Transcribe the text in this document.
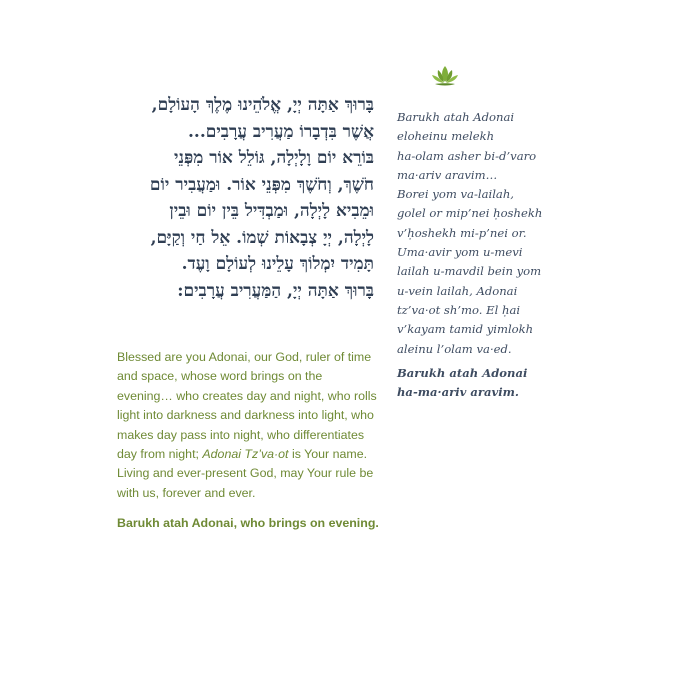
בָּרוּךְ אַתָּה יְיָ, אֱלֹהֵינוּ מֶלֶךְ הָעוֹלָם,
אֲשֶׁר בִּדְבָרוֹ מַעֲרִיב עֲרָבִים...
בּוֹרֵא יוֹם וָלָיְלָה, גּוֹלֵל אוֹר מִפְּנֵי
חֹשֶׁךְ, וְחֹשֶׁךְ מִפְּנֵי אוֹר. וּמַעֲבִיר יוֹם
וּמֵבִיא לָיְלָה, וּמַבְדִּיל בֵּין יוֹם וּבֵין
לָיְלָה, יְיָ צְבָאוֹת שְׁמוֹ. אֵל חַי וְקַיָּם,
תָּמִיד יִמְלוֹךְ עָלֵינוּ לְעוֹלָם וָעֶד.
בָּרוּךְ אַתָּה יְיָ, הַמַּעֲרִיב עֲרָבִים:

Blessed are you Adonai, our God, ruler of time and space, whose word brings on the evening… who creates day and night, who rolls light into darkness and darkness into light, who makes day pass into night, who differentiates day from night; Adonai Tz’va·ot is Your name. Living and ever-present God, may Your rule be with us, forever and ever.

Barukh atah Adonai, who brings on evening.

Barukh atah Adonai

eloheinu melekh

ha-olam asher bi-d’varo

ma·ariv aravim…

Borei yom va-lailah,

golel or mip’nei ḥoshekh

v’ḥoshekh mi-p’nei or.

Uma·avir yom u-mevi

lailah u-mavdil bein yom

u-vein lailah, Adonai

tz’va·ot sh’mo. El ḥai

v’kayam tamid yimlokh

aleinu l’olam va·ed.

Barukh atah Adonai

ha-ma·ariv aravim.
